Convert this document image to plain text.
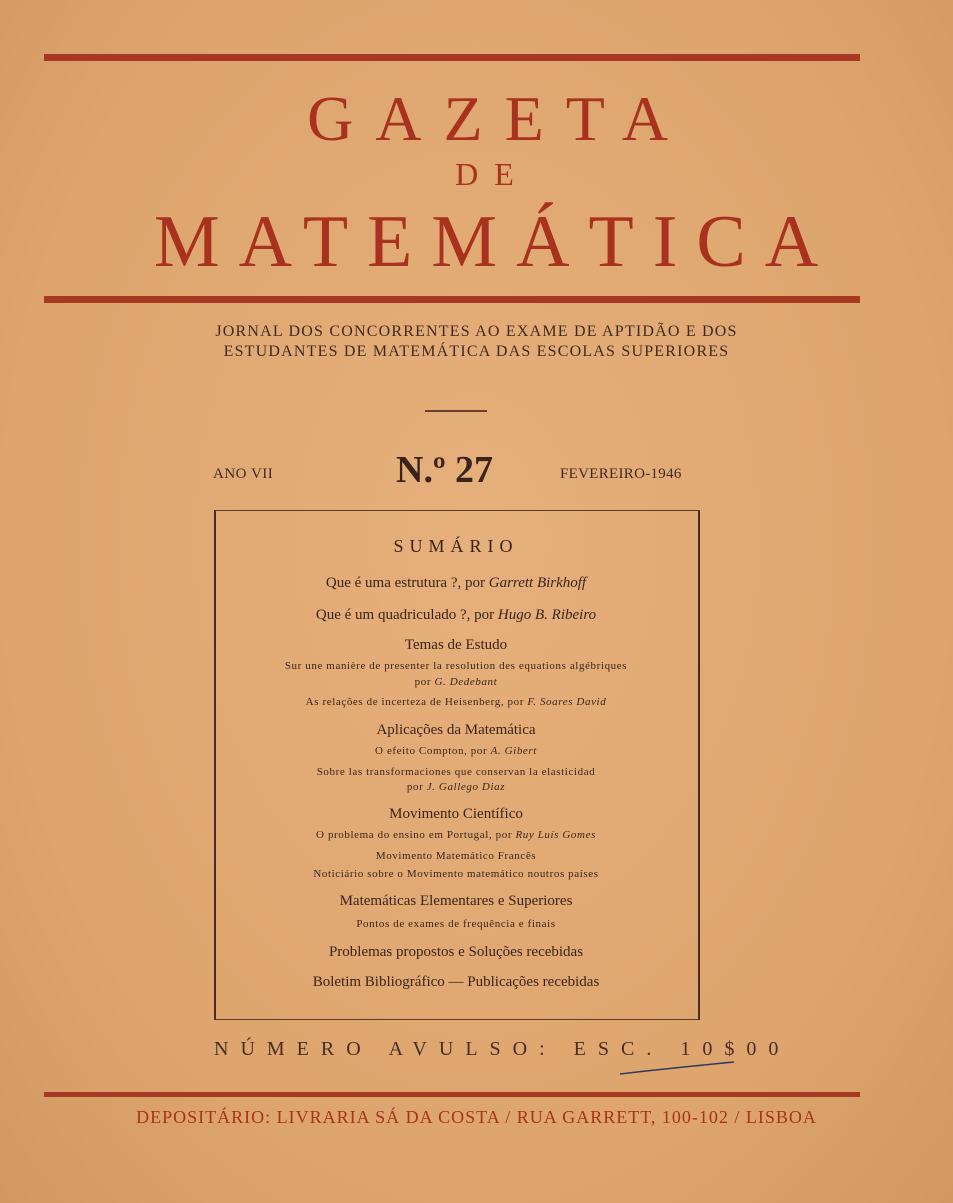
GAZETA
DE
MATEMÁTICA
JORNAL DOS CONCORRENTES AO EXAME DE APTIDÃO E DOS
ESTUDANTES DE MATEMÁTICA DAS ESCOLAS SUPERIORES
ANO VII	N.º 27	FEVEREIRO-1946
SUMÁRIO
Que é uma estrutura ?, por Garrett Birkhoff
Que é um quadriculado ?, por Hugo B. Ribeiro
Temas de Estudo
Sur une manière de presenter la resolution des equations algébriques
por G. Dedebant
As relações de incerteza de Heisenberg, por F. Soares David
Aplicações da Matemática
O efeito Compton, por A. Gibert
Sobre las transformaciones que conservan la elasticidad
por J. Gallego Diaz
Movimento Científico
O problema do ensino em Portugal, por Ruy Luís Gomes
Movimento Matemático Francês
Noticiário sobre o Movimento matemático noutros países
Matemáticas Elementares e Superiores
Pontos de exames de frequência e finais
Problemas propostos e Soluções recebidas
Boletim Bibliográfico — Publicações recebidas
NÚMERO AVULSO: ESC. 10$00
DEPOSITÁRIO: LIVRARIA SÁ DA COSTA / RUA GARRETT, 100-102 / LISBOA
